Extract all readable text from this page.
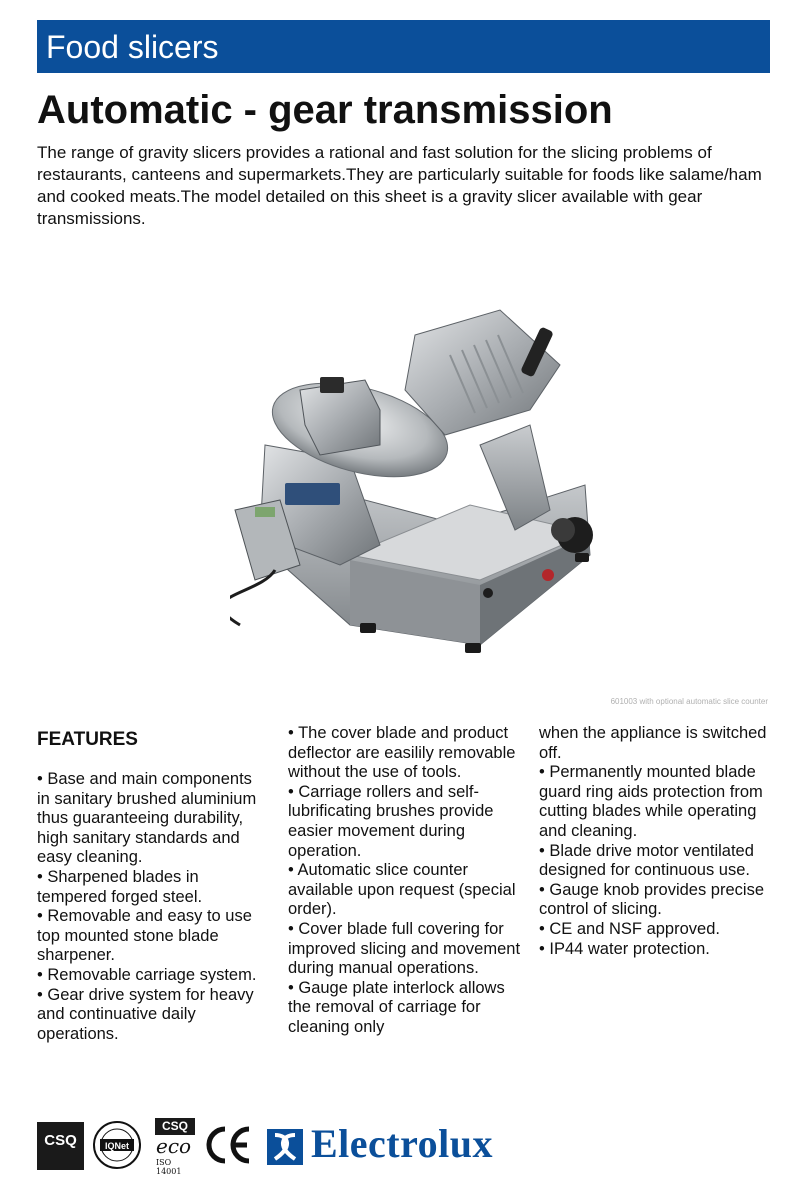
Food slicers
Automatic - gear transmission

The range of gravity slicers provides a rational and fast solution for the slicing problems of restaurants, canteens and supermarkets.They are particularly suitable for foods like salame/ham and cooked meats.The model detailed on this sheet is a gravity slicer available with gear transmissions.

601003 with optional automatic slice counter
FEATURES
• Base and main components in sanitary brushed aluminium thus guaranteeing durability, high sanitary standards and easy cleaning.
• Sharpened blades in tempered forged steel.
• Removable and easy to use top mounted stone blade sharpener.
• Removable carriage system.
• Gear drive system for heavy and continuative daily operations.
• The cover blade and product deflector are easilily removable without the use of tools.
• Carriage rollers and self-lubrificating brushes provide easier movement during operation.
• Automatic slice counter available upon request (special order).
• Cover blade full covering for improved slicing and movement during manual operations.
• Gauge plate interlock allows the removal of carriage for cleaning only
when the appliance is switched off.
• Permanently mounted blade guard ring aids protection from cutting blades while operating and cleaning.
• Blade drive motor ventilated designed for continuous use.
• Gauge knob provides precise control of slicing.
• CE and NSF approved.
• IP44 water protection.
CSQ	IQNet
CSQ
eco
ISO 14001
Electrolux
